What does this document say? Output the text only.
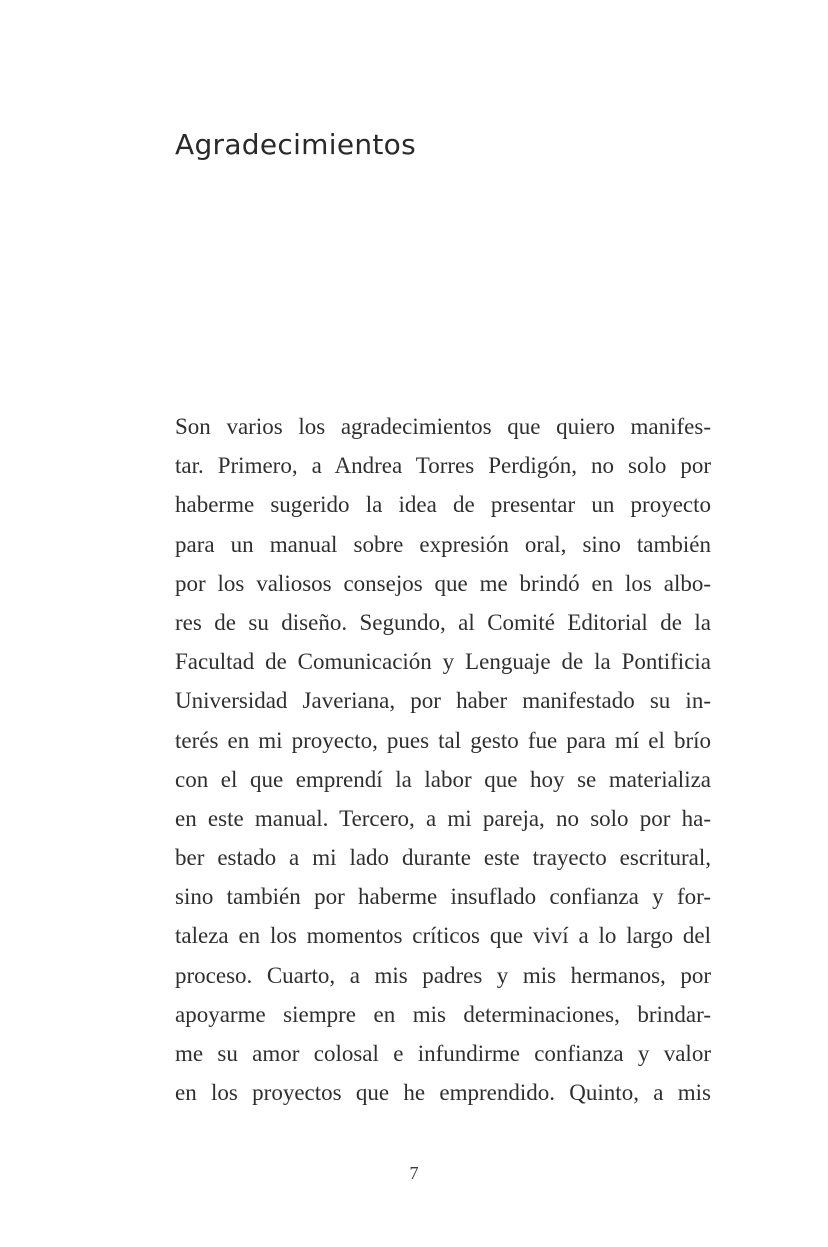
Agradecimientos
Son varios los agradecimientos que quiero manifes-
tar. Primero, a Andrea Torres Perdigón, no solo por
haberme sugerido la idea de presentar un proyecto
para un manual sobre expresión oral, sino también
por los valiosos consejos que me brindó en los albo-
res de su diseño. Segundo, al Comité Editorial de la
Facultad de Comunicación y Lenguaje de la Pontificia
Universidad Javeriana, por haber manifestado su in-
terés en mi proyecto, pues tal gesto fue para mí el brío
con el que emprendí la labor que hoy se materializa
en este manual. Tercero, a mi pareja, no solo por ha-
ber estado a mi lado durante este trayecto escritural,
sino también por haberme insuflado confianza y for-
taleza en los momentos críticos que viví a lo largo del
proceso. Cuarto, a mis padres y mis hermanos, por
apoyarme siempre en mis determinaciones, brindar-
me su amor colosal e infundirme confianza y valor
en los proyectos que he emprendido. Quinto, a mis
7
